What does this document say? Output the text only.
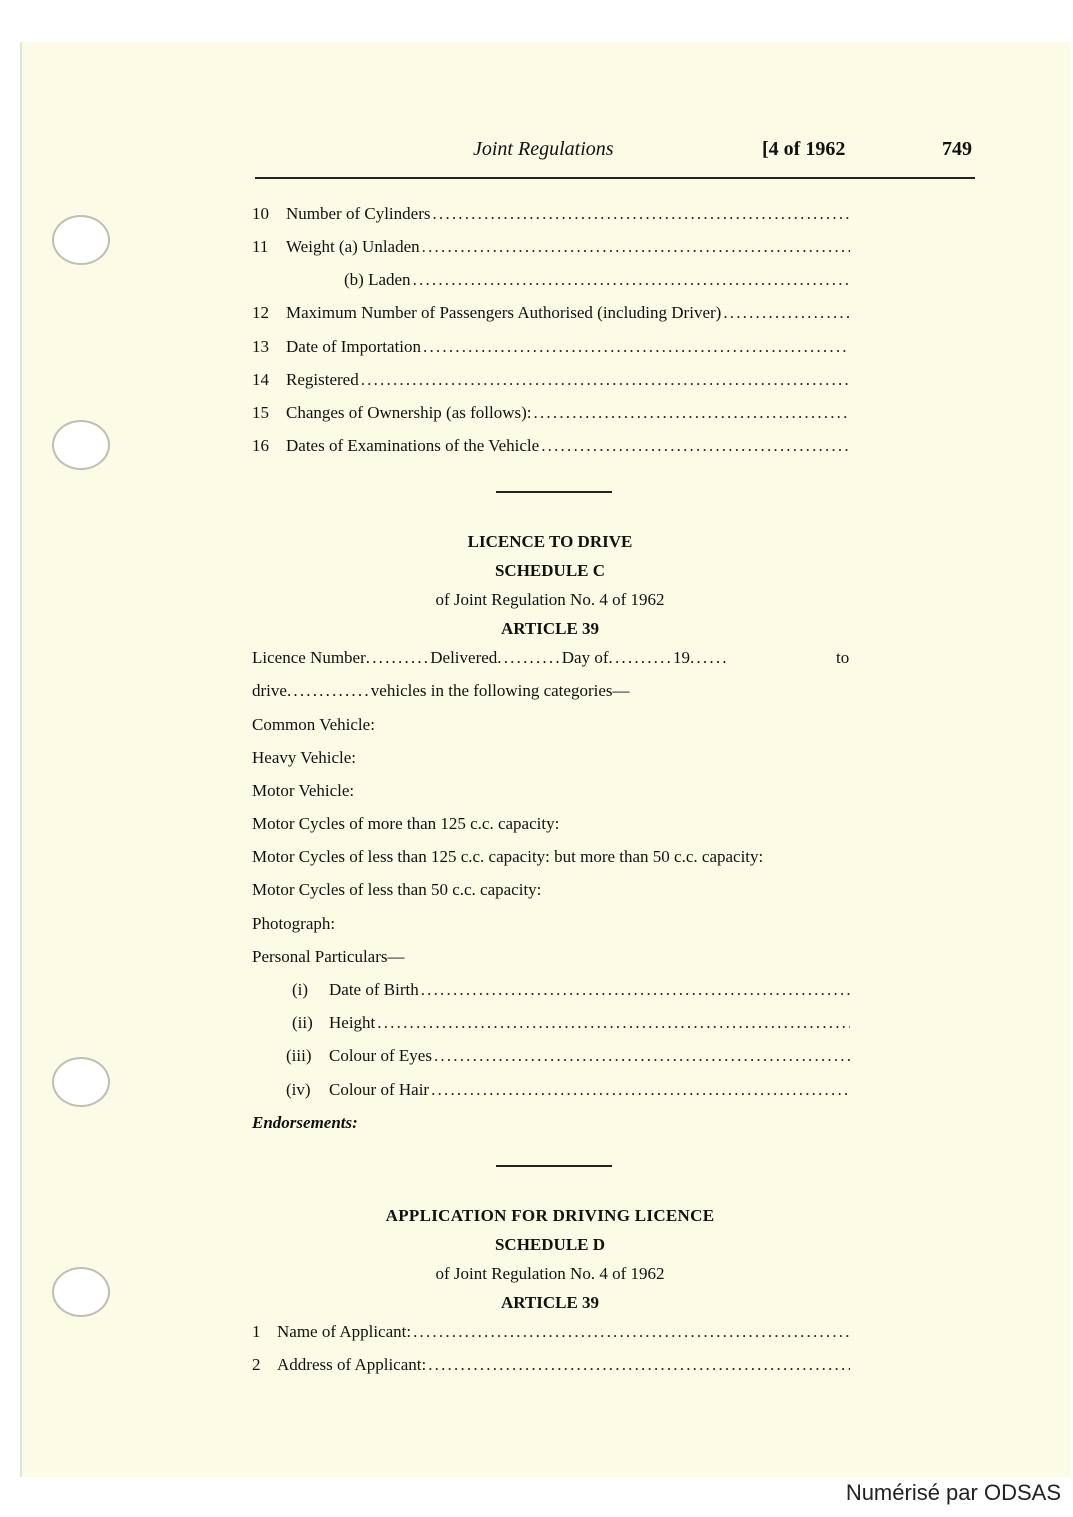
Joint Regulations	[4 of 1962	749
10	Number of Cylinders
.....
11	Weight (a) Unladen
.....
(b) Laden
.....
12	Maximum Number of Passengers Authorised (including Driver)
.....
13	Date of Importation
.....
14	Registered
.....
15	Changes of Ownership (as follows):
.....
16	Dates of Examinations of the Vehicle
.....
LICENCE TO DRIVE
SCHEDULE C
of Joint Regulation No. 4 of 1962
ARTICLE 39
Licence Number..........Delivered..........Day of..........19......	to
drive.............vehicles in the following categories—
Common Vehicle:
Heavy Vehicle:
Motor Vehicle:
Motor Cycles of more than 125 c.c. capacity:
Motor Cycles of less than 125 c.c. capacity: but more than 50 c.c. capacity:
Motor Cycles of less than 50 c.c. capacity:
Photograph:
Personal Particulars—
(i)	Date of Birth
.....
(ii) Height
.....
(iii)	Colour of Eyes
.....
(iv)	Colour of Hair
.....
Endorsements:
APPLICATION FOR DRIVING LICENCE
SCHEDULE D
of Joint Regulation No. 4 of 1962
ARTICLE 39
1 Name of Applicant:
.....
2 Address of Applicant:
.....
Numérisé par ODSAS
